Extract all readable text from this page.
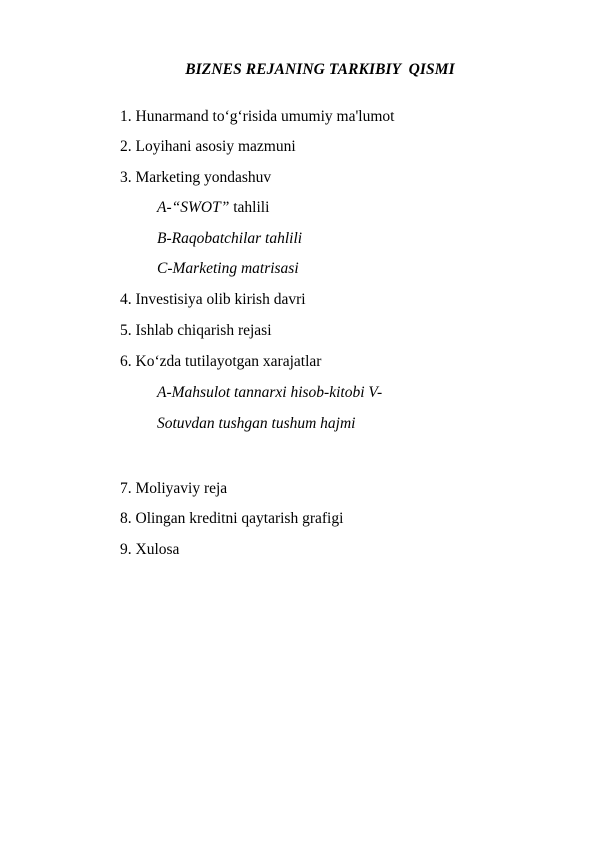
BIZNES REJANING TARKIBIY  QISMI
1. Hunarmand to‘g‘risida umumiy ma'lumot
2. Loyihani asosiy mazmuni
3. Marketing yondashuv
A-“SWOT” tahlili
B-Raqobatchilar tahlili
C-Marketing matrisasi
4. Investisiya olib kirish davri
5. Ishlab chiqarish rejasi
6. Ko‘zda tutilayotgan xarajatlar
A-Mahsulot tannarxi hisob-kitobi V-
Sotuvdan tushgan tushum hajmi
7. Moliyaviy reja
8. Olingan kreditni qaytarish grafigi
9. Xulosa
